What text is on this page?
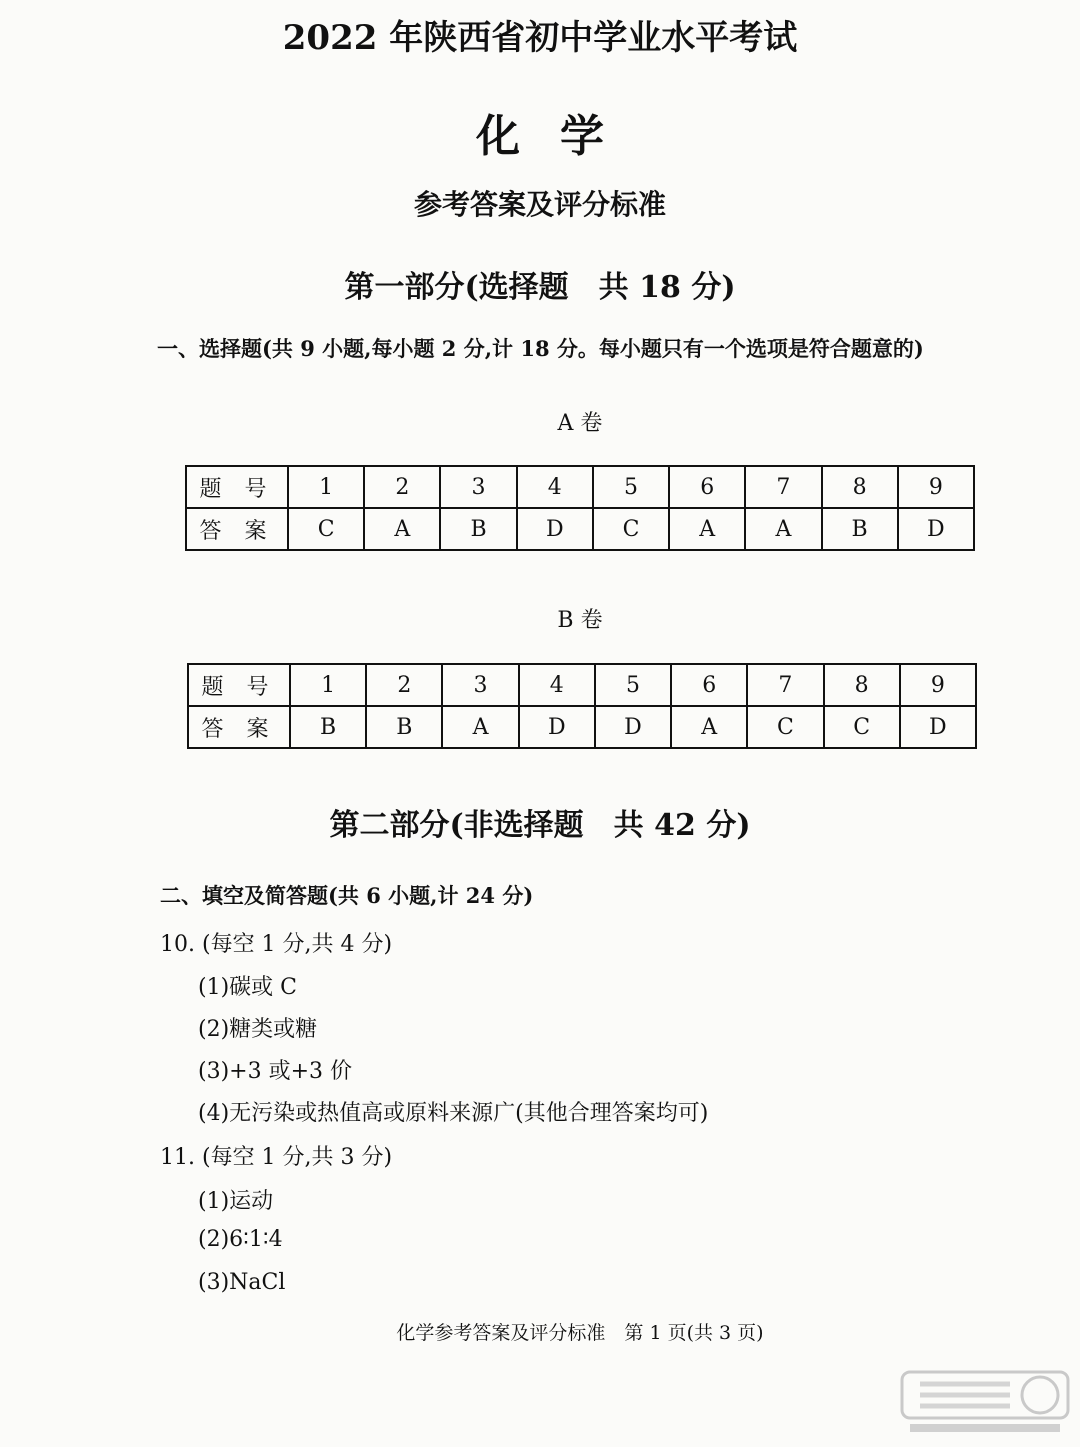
2022 年陕西省初中学业水平考试
化学
参考答案及评分标准
第一部分(选择题　共 18 分)
一、选择题(共 9 小题,每小题 2 分,计 18 分。每小题只有一个选项是符合题意的)
A 卷
题 号	1	2	3	4	5	6	7	8	9
答 案	C	A	B	D	C	A	A	B	D
B 卷
题 号	1	2	3	4	5	6	7	8	9
答 案	B	B	A	D	D	A	C	C	D
第二部分(非选择题　共 42 分)
二、填空及简答题(共 6 小题,计 24 分)
10. (每空 1 分,共 4 分)
(1)碳或 C
(2)糖类或糖
(3)+3 或+3 价
(4)无污染或热值高或原料来源广(其他合理答案均可)
11. (每空 1 分,共 3 分)
(1)运动
(2)6∶1∶4
(3)NaCl
化学参考答案及评分标准　第 1 页(共 3 页)
